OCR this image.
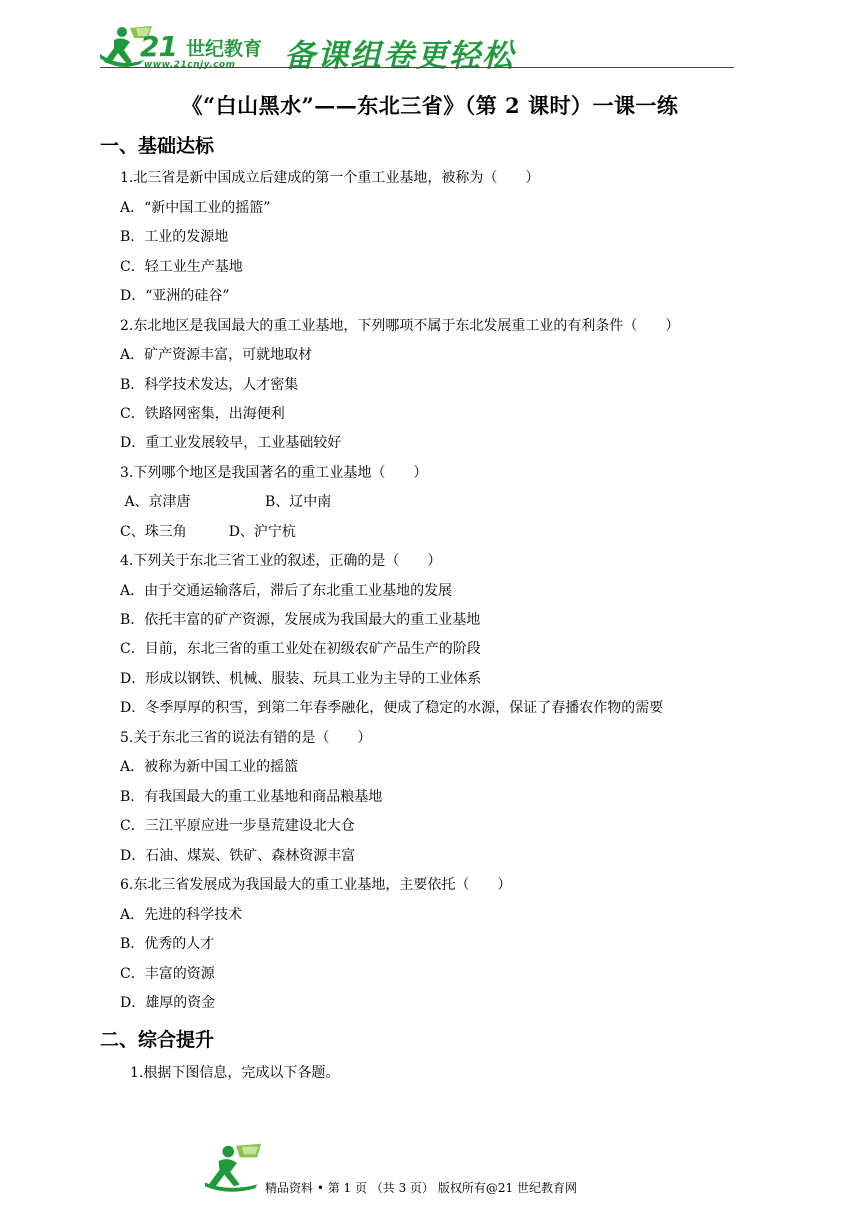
21 世纪教育
www.21cnjy.com 备课组卷更轻松
《“白山黑水”——东北三省》（第 2 课时）一课一练
一、基础达标
1.北三省是新中国成立后建成的第一个重工业基地，被称为（　　）
A．“新中国工业的摇篮”
B．工业的发源地
C．轻工业生产基地
D．“亚洲的硅谷”
2.东北地区是我国最大的重工业基地，下列哪项不属于东北发展重工业的有利条件（　　）
A．矿产资源丰富，可就地取材
B．科学技术发达，人才密集
C．铁路网密集，出海便利
D．重工业发展较早，工业基础较好
3.下列哪个地区是我国著名的重工业基地（　　）
A、京津唐　　　　　 B、辽中南
C、珠三角　　　D、沪宁杭
4.下列关于东北三省工业的叙述，正确的是（　　）
A．由于交通运输落后，滞后了东北重工业基地的发展
B．依托丰富的矿产资源，发展成为我国最大的重工业基地
C．目前，东北三省的重工业处在初级农矿产品生产的阶段
D．形成以钢铁、机械、服装、玩具工业为主导的工业体系
D．冬季厚厚的积雪，到第二年春季融化，便成了稳定的水源，保证了春播农作物的需要
5.关于东北三省的说法有错的是（　　）
A．被称为新中国工业的摇篮
B．有我国最大的重工业基地和商品粮基地
C．三江平原应进一步垦荒建设北大仓
D．石油、煤炭、铁矿、森林资源丰富
6.东北三省发展成为我国最大的重工业基地，主要依托（　　）
A．先进的科学技术
B．优秀的人才
C．丰富的资源
D．雄厚的资金
二、综合提升
1.根据下图信息，完成以下各题。
精品资料 • 第 1 页 （共 3 页） 版权所有@21 世纪教育网
